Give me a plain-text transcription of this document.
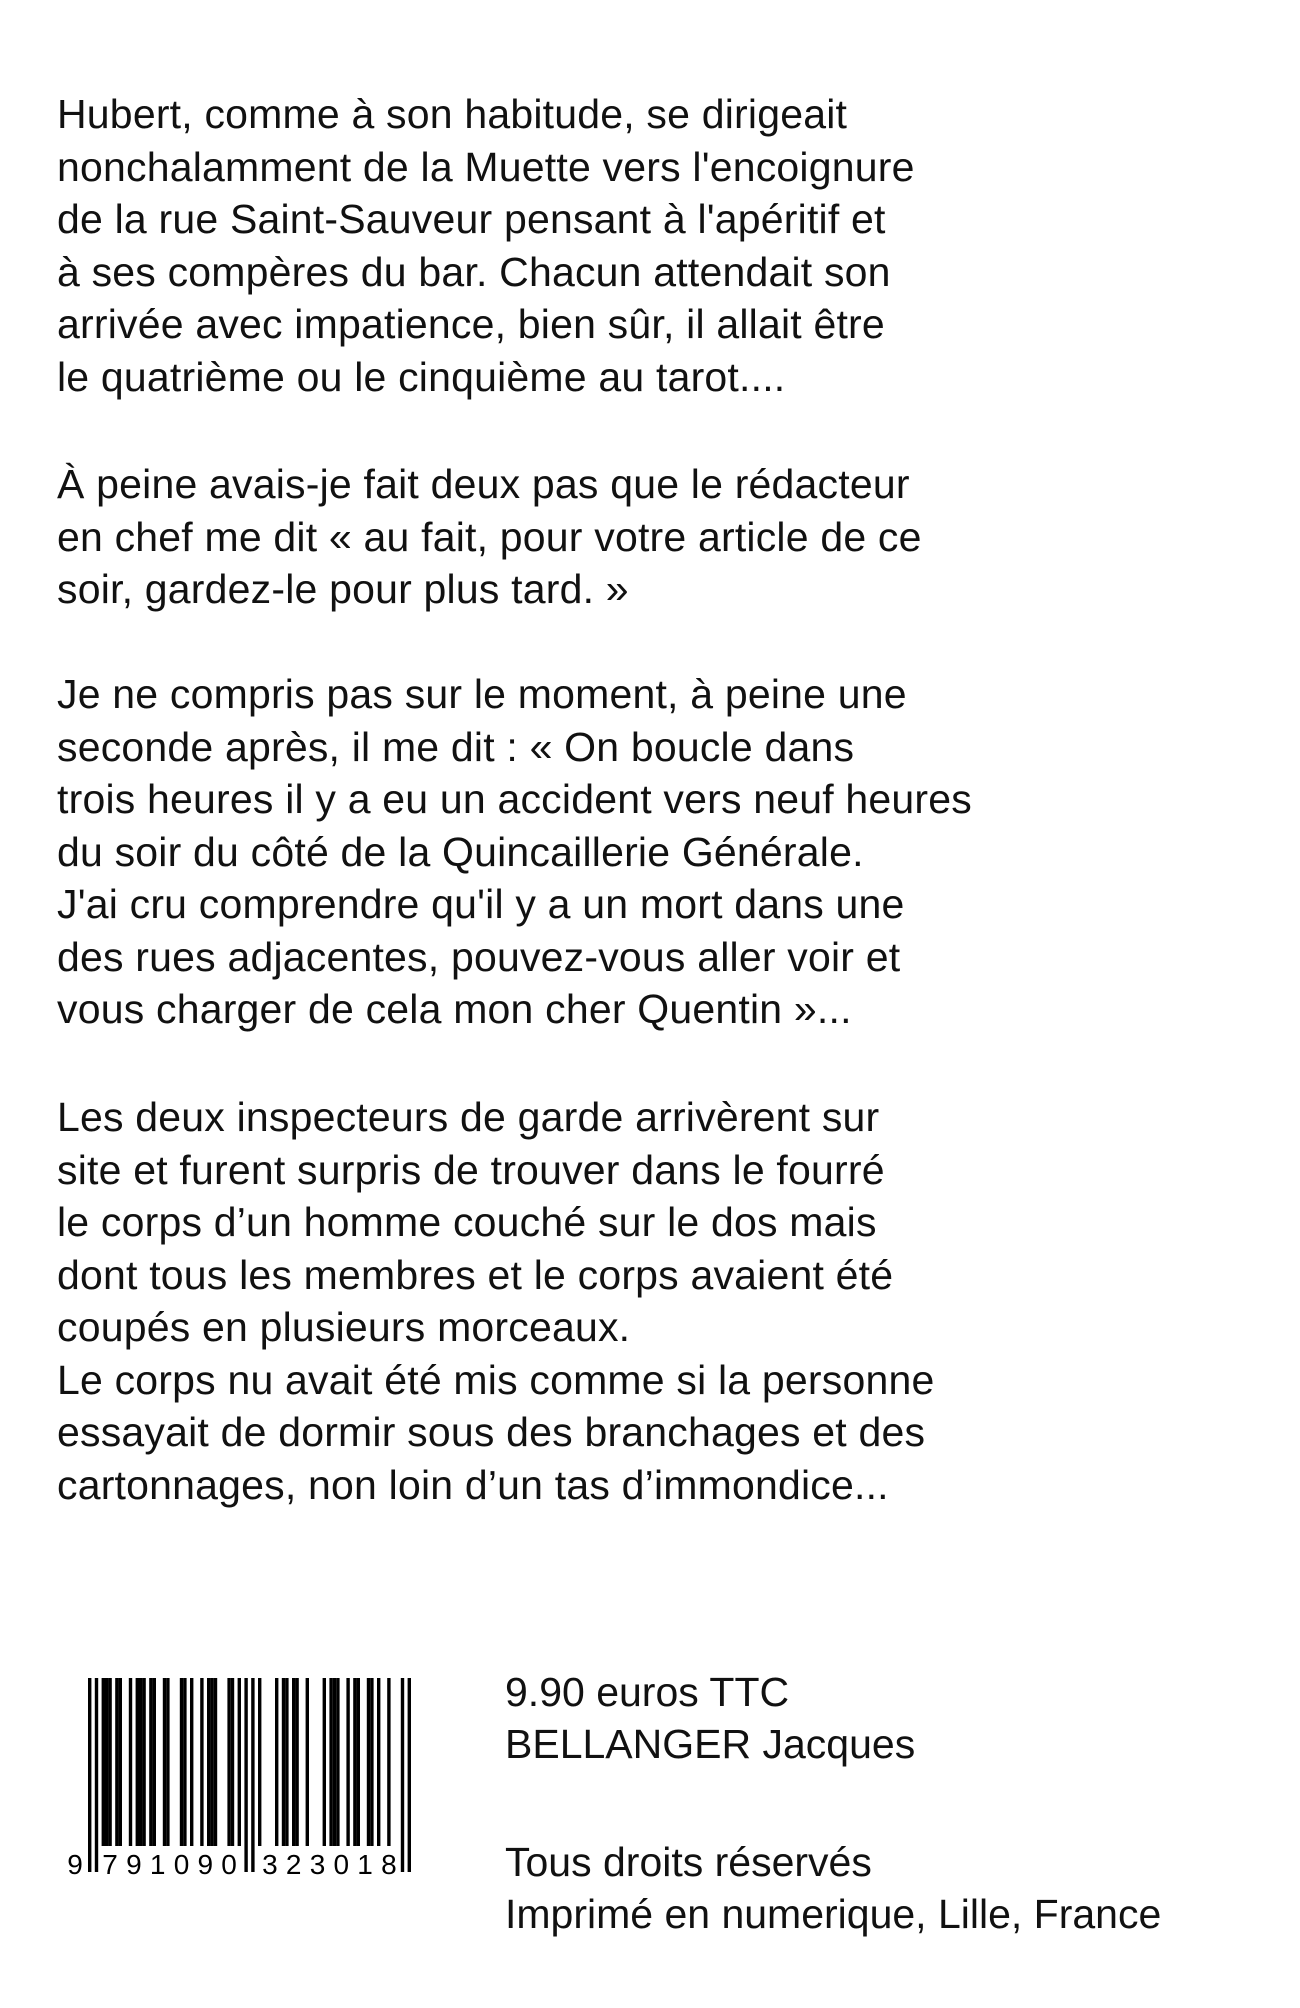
Hubert, comme à son habitude, se dirigeait
nonchalamment de la Muette vers l'encoignure
de la rue Saint-Sauveur pensant à l'apéritif et
à ses compères du bar. Chacun attendait son
arrivée avec impatience, bien sûr, il allait être
le quatrième ou le cinquième au tarot....
À peine avais-je fait deux pas que le rédacteur
en chef me dit « au fait, pour votre article de ce
soir, gardez-le pour plus tard. »
Je ne compris pas sur le moment, à peine une
seconde après, il me dit : « On boucle dans
trois heures il y a eu un accident vers neuf heures
du soir du côté de la Quincaillerie Générale.
J'ai cru comprendre qu'il y a un mort dans une
des rues adjacentes, pouvez-vous aller voir et
vous charger de cela mon cher Quentin »...
Les deux inspecteurs de garde arrivèrent sur
site et furent surpris de trouver dans le fourré
le corps d’un homme couché sur le dos mais
dont tous les membres et le corps avaient été
coupés en plusieurs morceaux.
Le corps nu avait été mis comme si la personne
essayait de dormir sous des branchages et des
cartonnages, non loin d’un tas d’immondice...
9 7 9 1 0 9 0 3 2 3 0 1 8
9.90 euros TTC
BELLANGER Jacques
Tous droits réservés
Imprimé en numerique, Lille, France
